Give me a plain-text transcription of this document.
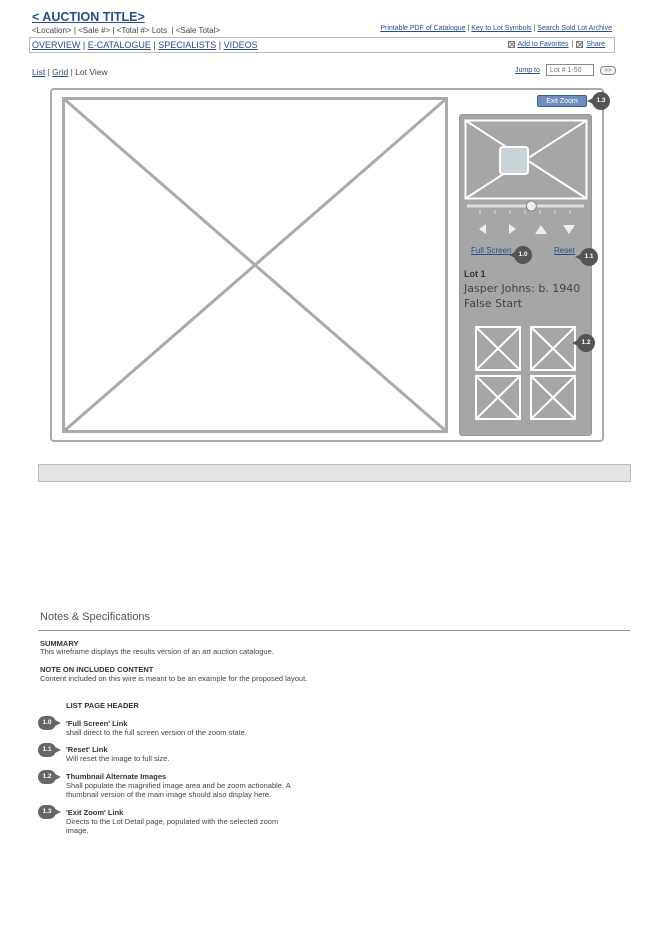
< AUCTION TITLE>
<Location> | <Sale #> | <Total #> Lots  | <Sale Total>	Printable PDF of Catalogue | Key to Lot Symbols | Search Sold Lot Archive
OVERVIEW | E-CATALOGUE | SPECIALISTS | VIDEOS	Add to Favorites | Share
List | Grid | Lot View	Jump to
Lot # 1-50	>>
Exit Zoom	1.3
Full Screen	1.0	Reset
1.1
Lot 1
Jasper Johns: b. 1940
False Start
1.2
Notes & Specifications
SUMMARY
This wireframe displays the results version of an art auction catalogue.
NOTE ON INCLUDED CONTENT
Content included on this wire is meant to be an example for the proposed layout.
LIST PAGE HEADER
1.0	'Full Screen' Link
shall direct to the full screen version of the zoom state.
1.1	'Reset' Link
Will reset the image to full size.
1.2	Thumbnail Alternate Images
Shall populate the magnified image area and be zoom actionable. A
thumbnail version of the main image should also display here.
1.3	'Exit Zoom' Link
Directs to the Lot Detail page, populated with the selected zoom
image.
